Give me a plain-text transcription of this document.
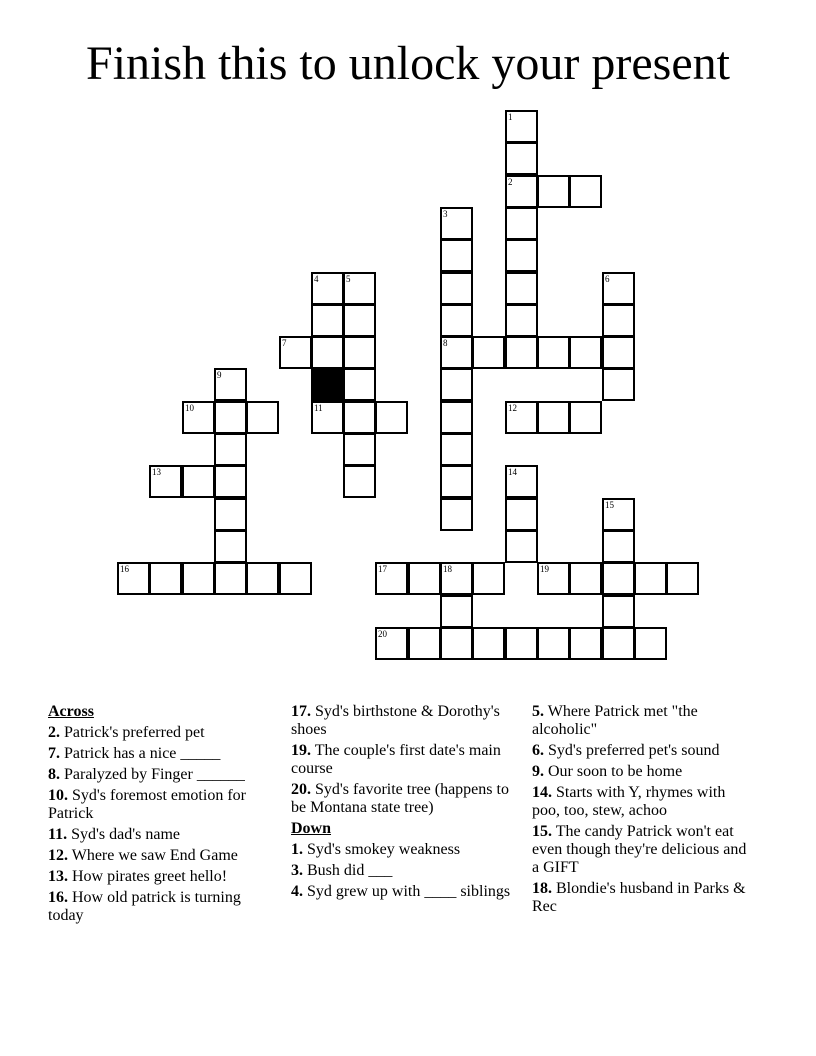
Finish this to unlock your present
1
2
3
4	5	6
7	8
9
10	11	12
13	14
15
16	17	18	19
20
Across
2. Patrick's preferred pet
7. Patrick has a nice _____
8. Paralyzed by Finger ______
10. Syd's foremost emotion for Patrick
11. Syd's dad's name
12. Where we saw End Game
13. How pirates greet hello!
16. How old patrick is turning today
17. Syd's birthstone & Dorothy's shoes
19. The couple's first date's main course
20. Syd's favorite tree (happens to be Montana state tree)
Down
1. Syd's smokey weakness
3. Bush did ___
4. Syd grew up with ____ siblings
5. Where Patrick met "the alcoholic"
6. Syd's preferred pet's sound
9. Our soon to be home
14. Starts with Y, rhymes with poo, too, stew, achoo
15. The candy Patrick won't eat even though they're delicious and a GIFT
18. Blondie's husband in Parks & Rec
